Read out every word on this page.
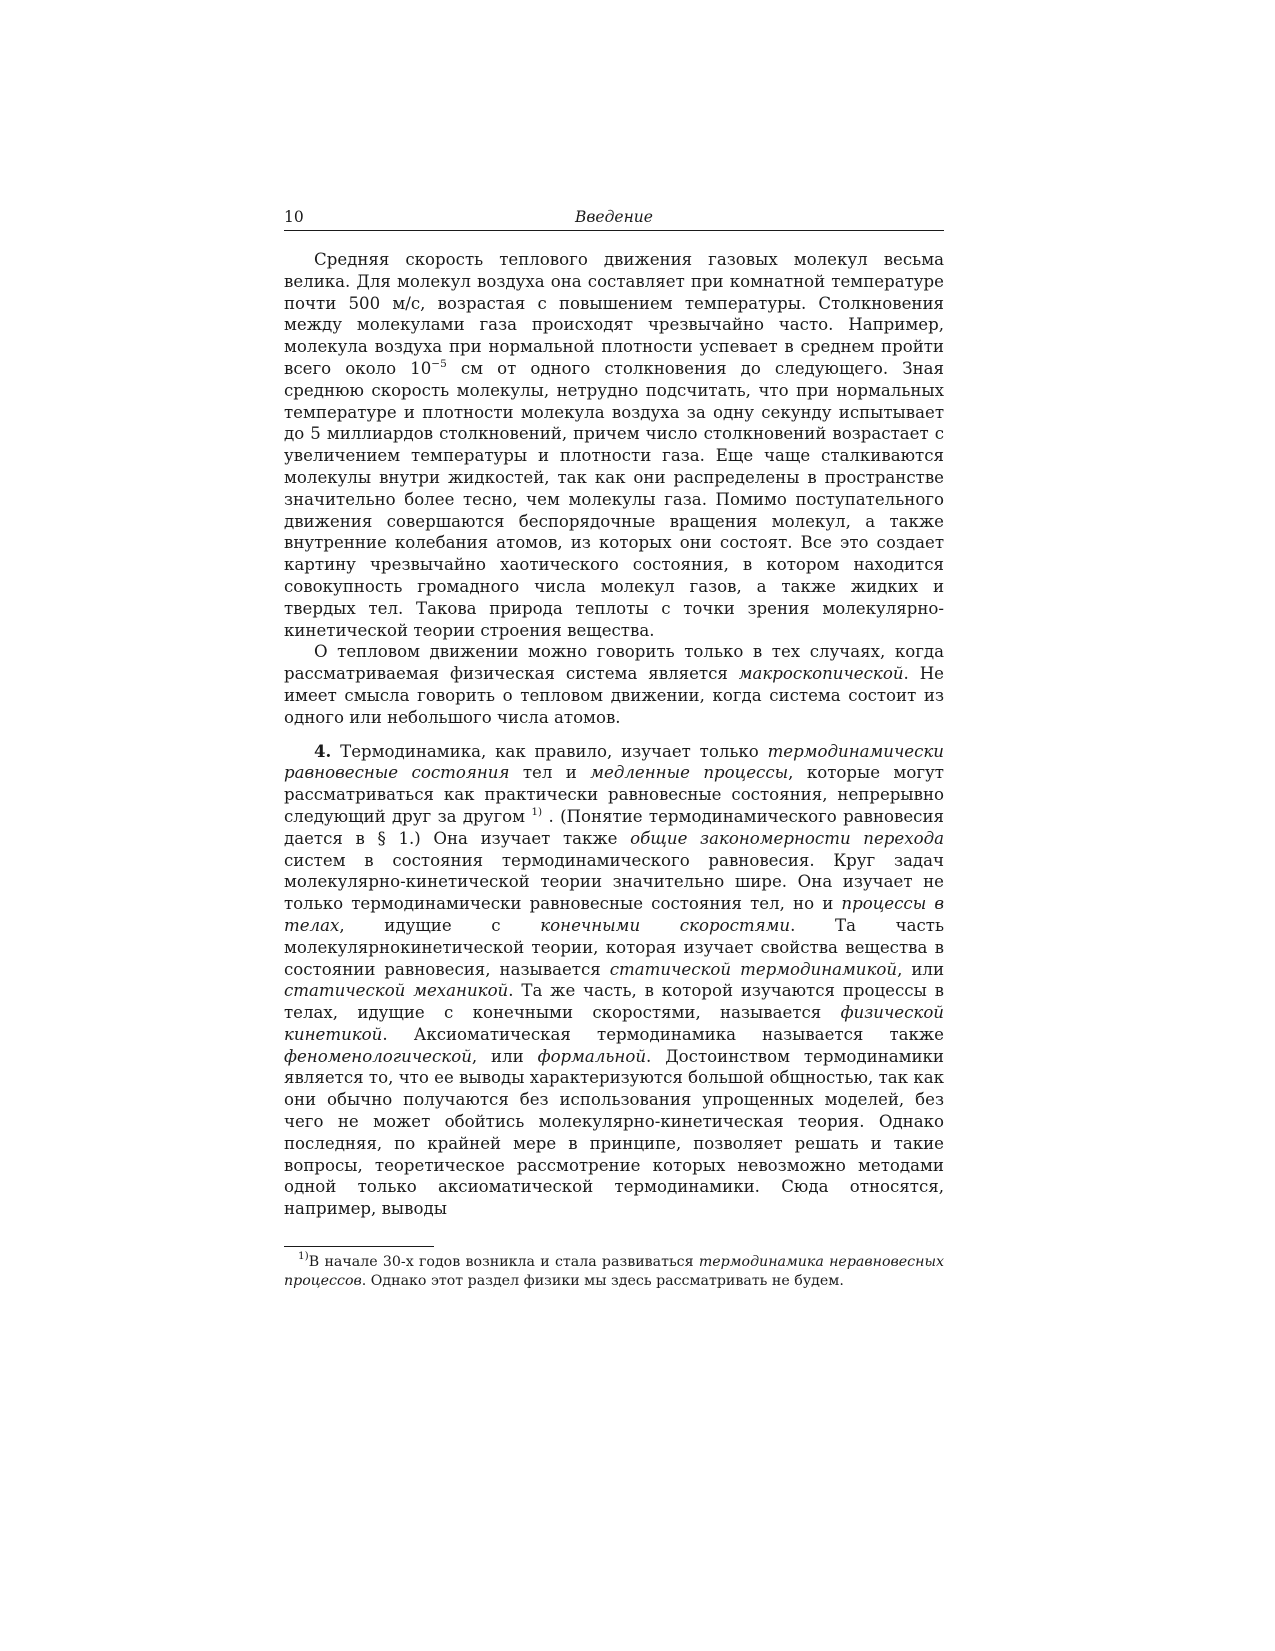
10	Введение

Средняя скорость теплового движения газовых молекул весьма велика. Для молекул воздуха она составляет при комнатной температуре почти 500 м/с, возрастая с повышением температуры. Столкновения между молекулами газа происходят чрезвычайно часто. Например, молекула воздуха при нормальной плотности успевает в среднем пройти всего около $10^{-5}$ см от одного столкновения до следующего. Зная среднюю скорость молекулы, нетрудно подсчитать, что при нормальных температуре и плотности молекула воздуха за одну секунду испытывает до 5 миллиардов столкновений, причем число столкновений возрастает с увеличением температуры и плотности газа. Еще чаще сталкиваются молекулы внутри жидкостей, так как они распределены в пространстве значительно более тесно, чем молекулы газа. Помимо поступательного движения совершаются беспорядочные вращения молекул, а также внутренние колебания атомов, из которых они состоят. Все это создает картину чрезвычайно хаотического состояния, в котором находится совокупность громадного числа молекул газов, а также жидких и твердых тел. Такова природа теплоты с точки зрения молекулярно-кинетической теории строения вещества.

О тепловом движении можно говорить только в тех случаях, когда рассматриваемая физическая система является макроскопической. Не имеет смысла говорить о тепловом движении, когда система состоит из одного или небольшого числа атомов.

4. Термодинамика, как правило, изучает только термодинамически равновесные состояния тел и медленные процессы, которые могут рассматриваться как практически равновесные состояния, непрерывно следующий друг за другом $^{1)}$ . (Понятие термодинамического равновесия дается в § 1.) Она изучает также общие закономерности перехода систем в состояния термодинамического равновесия. Круг задач молекулярно-кинетической теории значительно шире. Она изучает не только термодинамически равновесные состояния тел, но и процессы в телах, идущие с конечными скоростями. Та часть молекулярнокинетической теории, которая изучает свойства вещества в состоянии равновесия, называется статической термодинамикой, или статической механикой. Та же часть, в которой изучаются процессы в телах, идущие с конечными скоростями, называется физической кинетикой. Аксиоматическая термодинамика называется также феноменологической, или формальной. Достоинством термодинамики является то, что ее выводы характеризуются большой общностью, так как они обычно получаются без использования упрощенных моделей, без чего не может обойтись молекулярно-кинетическая теория. Однако последняя, по крайней мере в принципе, позволяет решать и такие вопросы, теоретическое рассмотрение которых невозможно методами одной только аксиоматической термодинамики. Сюда относятся, например, выводы

$^{1)}$В начале 30-х годов возникла и стала развиваться термодинамика неравновесных процессов. Однако этот раздел физики мы здесь рассматривать не будем.
